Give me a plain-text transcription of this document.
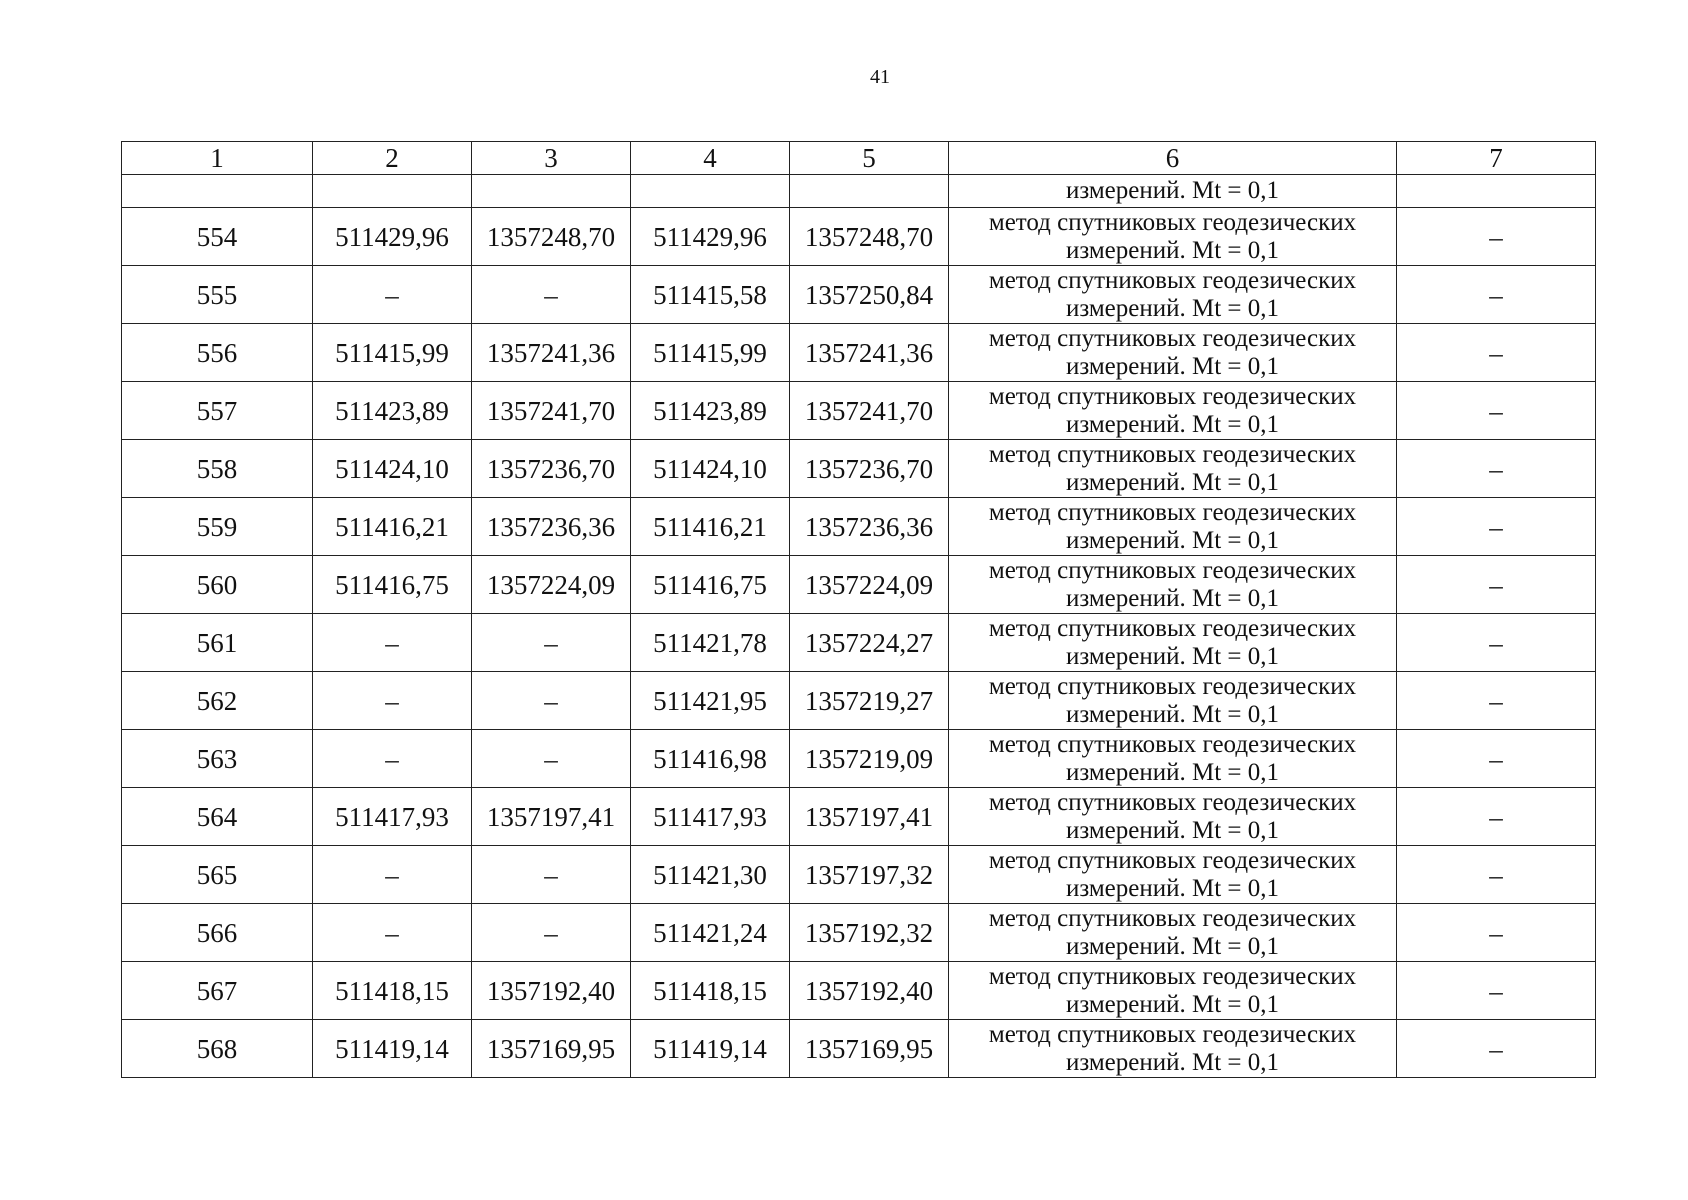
41
1	2	3	4	5	6	7
					измерений. Mt = 0,1	
554	511429,96	1357248,70	511429,96	1357248,70	метод спутниковых геодезических
измерений. Mt = 0,1	–
555	–	–	511415,58	1357250,84	метод спутниковых геодезических
измерений. Mt = 0,1	–
556	511415,99	1357241,36	511415,99	1357241,36	метод спутниковых геодезических
измерений. Mt = 0,1	–
557	511423,89	1357241,70	511423,89	1357241,70	метод спутниковых геодезических
измерений. Mt = 0,1	–
558	511424,10	1357236,70	511424,10	1357236,70	метод спутниковых геодезических
измерений. Mt = 0,1	–
559	511416,21	1357236,36	511416,21	1357236,36	метод спутниковых геодезических
измерений. Mt = 0,1	–
560	511416,75	1357224,09	511416,75	1357224,09	метод спутниковых геодезических
измерений. Mt = 0,1	–
561	–	–	511421,78	1357224,27	метод спутниковых геодезических
измерений. Mt = 0,1	–
562	–	–	511421,95	1357219,27	метод спутниковых геодезических
измерений. Mt = 0,1	–
563	–	–	511416,98	1357219,09	метод спутниковых геодезических
измерений. Mt = 0,1	–
564	511417,93	1357197,41	511417,93	1357197,41	метод спутниковых геодезических
измерений. Mt = 0,1	–
565	–	–	511421,30	1357197,32	метод спутниковых геодезических
измерений. Mt = 0,1	–
566	–	–	511421,24	1357192,32	метод спутниковых геодезических
измерений. Mt = 0,1	–
567	511418,15	1357192,40	511418,15	1357192,40	метод спутниковых геодезических
измерений. Mt = 0,1	–
568	511419,14	1357169,95	511419,14	1357169,95	метод спутниковых геодезических
измерений. Mt = 0,1	–
